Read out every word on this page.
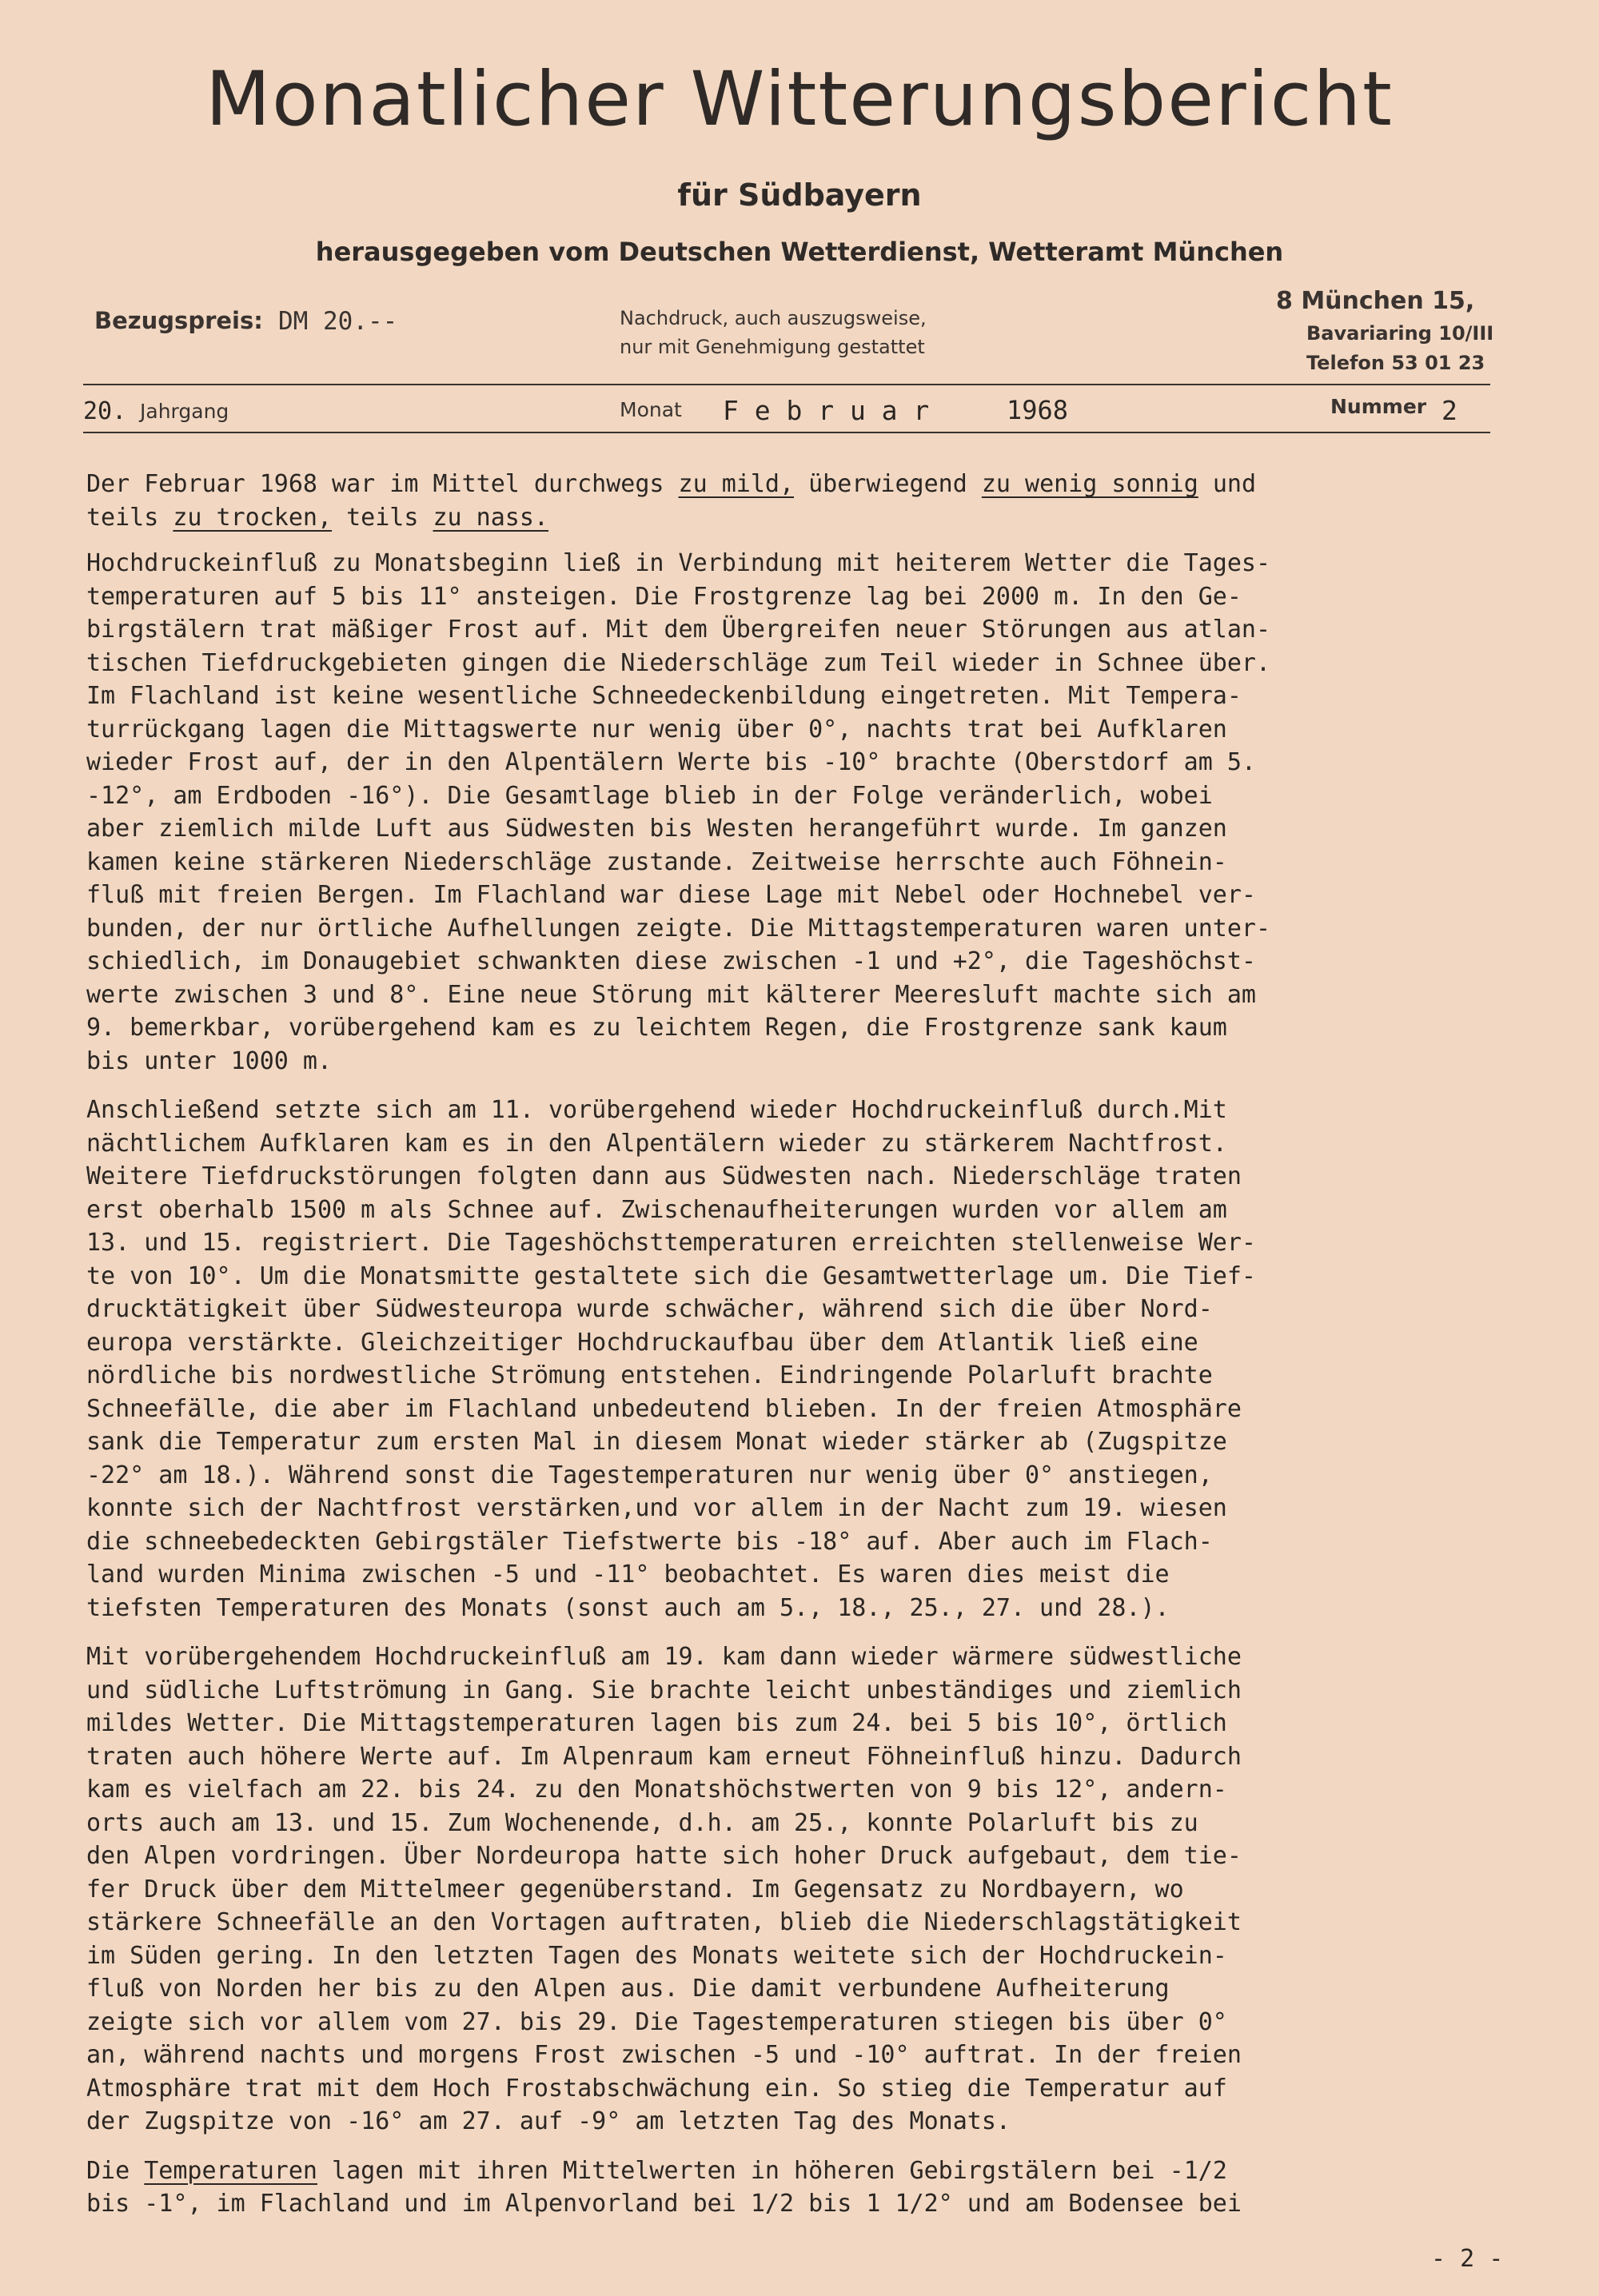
Monatlicher Witterungsbericht
für Südbayern
herausgegeben vom Deutschen Wetterdienst, Wetteramt München
Bezugspreis: DM 20.--	Nachdruck, auch auszugsweise,
nur mit Genehmigung gestattet
8 München 15,
Bavariaring 10/III
Telefon 53 01 23
20. Jahrgang	Monat F e b r u a r	1968	Nummer 2

Der Februar 1968 war im Mittel durchwegs zu mild, überwiegend zu wenig sonnig und
teils zu trocken, teils zu nass.

Hochdruckeinfluß zu Monatsbeginn ließ in Verbindung mit heiterem Wetter die Tages-
temperaturen auf 5 bis 11° ansteigen. Die Frostgrenze lag bei 2000 m. In den Ge-
birgstälern trat mäßiger Frost auf. Mit dem Übergreifen neuer Störungen aus atlan-
tischen Tiefdruckgebieten gingen die Niederschläge zum Teil wieder in Schnee über.
Im Flachland ist keine wesentliche Schneedeckenbildung eingetreten. Mit Tempera-
turrückgang lagen die Mittagswerte nur wenig über 0°, nachts trat bei Aufklaren
wieder Frost auf, der in den Alpentälern Werte bis -10° brachte (Oberstdorf am 5.
-12°, am Erdboden -16°). Die Gesamtlage blieb in der Folge veränderlich, wobei
aber ziemlich milde Luft aus Südwesten bis Westen herangeführt wurde. Im ganzen
kamen keine stärkeren Niederschläge zustande. Zeitweise herrschte auch Föhnein-
fluß mit freien Bergen. Im Flachland war diese Lage mit Nebel oder Hochnebel ver-
bunden, der nur örtliche Aufhellungen zeigte. Die Mittagstemperaturen waren unter-
schiedlich, im Donaugebiet schwankten diese zwischen -1 und +2°, die Tageshöchst-
werte zwischen 3 und 8°. Eine neue Störung mit kälterer Meeresluft machte sich am
9. bemerkbar, vorübergehend kam es zu leichtem Regen, die Frostgrenze sank kaum
bis unter 1000 m.

Anschließend setzte sich am 11. vorübergehend wieder Hochdruckeinfluß durch.Mit
nächtlichem Aufklaren kam es in den Alpentälern wieder zu stärkerem Nachtfrost.
Weitere Tiefdruckstörungen folgten dann aus Südwesten nach. Niederschläge traten
erst oberhalb 1500 m als Schnee auf. Zwischenaufheiterungen wurden vor allem am
13. und 15. registriert. Die Tageshöchsttemperaturen erreichten stellenweise Wer-
te von 10°. Um die Monatsmitte gestaltete sich die Gesamtwetterlage um. Die Tief-
drucktätigkeit über Südwesteuropa wurde schwächer, während sich die über Nord-
europa verstärkte. Gleichzeitiger Hochdruckaufbau über dem Atlantik ließ eine
nördliche bis nordwestliche Strömung entstehen. Eindringende Polarluft brachte
Schneefälle, die aber im Flachland unbedeutend blieben. In der freien Atmosphäre
sank die Temperatur zum ersten Mal in diesem Monat wieder stärker ab (Zugspitze
-22° am 18.). Während sonst die Tagestemperaturen nur wenig über 0° anstiegen,
konnte sich der Nachtfrost verstärken,und vor allem in der Nacht zum 19. wiesen
die schneebedeckten Gebirgstäler Tiefstwerte bis -18° auf. Aber auch im Flach-
land wurden Minima zwischen -5 und -11° beobachtet. Es waren dies meist die
tiefsten Temperaturen des Monats (sonst auch am 5., 18., 25., 27. und 28.).

Mit vorübergehendem Hochdruckeinfluß am 19. kam dann wieder wärmere südwestliche
und südliche Luftströmung in Gang. Sie brachte leicht unbeständiges und ziemlich
mildes Wetter. Die Mittagstemperaturen lagen bis zum 24. bei 5 bis 10°, örtlich
traten auch höhere Werte auf. Im Alpenraum kam erneut Föhneinfluß hinzu. Dadurch
kam es vielfach am 22. bis 24. zu den Monatshöchstwerten von 9 bis 12°, andern-
orts auch am 13. und 15. Zum Wochenende, d.h. am 25., konnte Polarluft bis zu
den Alpen vordringen. Über Nordeuropa hatte sich hoher Druck aufgebaut, dem tie-
fer Druck über dem Mittelmeer gegenüberstand. Im Gegensatz zu Nordbayern, wo
stärkere Schneefälle an den Vortagen auftraten, blieb die Niederschlagstätigkeit
im Süden gering. In den letzten Tagen des Monats weitete sich der Hochdruckein-
fluß von Norden her bis zu den Alpen aus. Die damit verbundene Aufheiterung
zeigte sich vor allem vom 27. bis 29. Die Tagestemperaturen stiegen bis über 0°
an, während nachts und morgens Frost zwischen -5 und -10° auftrat. In der freien
Atmosphäre trat mit dem Hoch Frostabschwächung ein. So stieg die Temperatur auf
der Zugspitze von -16° am 27. auf -9° am letzten Tag des Monats.

Die Temperaturen lagen mit ihren Mittelwerten in höheren Gebirgstälern bei -1/2
bis -1°, im Flachland und im Alpenvorland bei 1/2 bis 1 1/2° und am Bodensee bei

- 2 -
